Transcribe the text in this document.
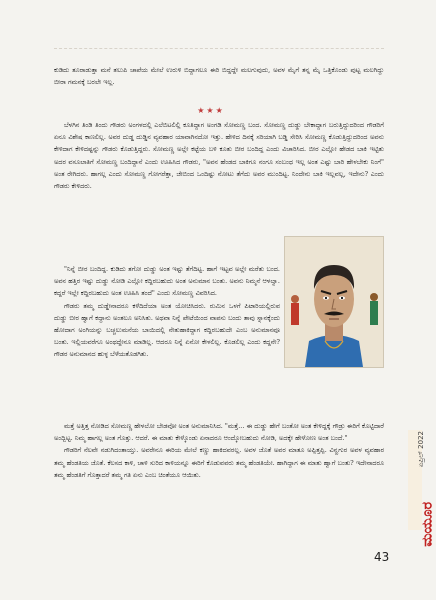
ಕುಡಿದು ತೂರಾಡುತ್ತಾ ಮನೆ ತಲುಪಿ ಚಾಪೆಯ ಮೇಲೆ ಉರುಳಿ ಬಿದ್ದಾಗಲೂ ಈರಿ ಬಿದ್ದದ್ದೇ ಮಲಗುವುದು, ಅವಳ ಮೈಗೆ ತನ್ನ ಮೈ ಒತ್ತಿಕೊಂಡು ಪುಟ್ಟ ಮಲಗಿದ್ದು ಬೀರಾ ಗಮನಕ್ಕೆ ಬರಲೇ ಇಲ್ಲ.

★★★

ಬೆಳಗಿನ ತಿಂಡಿ ತಿಂದು ಗೌಡರು ಅಂಗಳದಲ್ಲಿ ಎಲೆಬಿಟಲಿಲ್ಲಿ ಕೂತಿದ್ದಾಗ ಅಂಗಡಿ ಸೋಮಣ್ಣ ಬಂದ. ಸೋಮಣ್ಣ ದುಡ್ಡು ಬೇಕಾದ್ದಾಗ ಬರುತ್ತಿದ್ದುದರಿಂದ ಗೌಡರಿಗೆ ಏನೂ ವಿಶೇಷ ಕಾಣಲಿಲ್ಲ. ಅವರ ದುಡ್ಡ ದುಡ್ಡಿನ ವ್ಯವಹಾರ ಯಾವಾಗಿನದೋ ಇತ್ತು. ಹೇಳಿದ ದಿನಕ್ಕೆ ಸರಿಯಾಗಿ ಬಡ್ಡಿ ಸೇರಿಸಿ ಸೋಮಣ್ಣ ಕೊಡುತ್ತಿದ್ದುದರಿಂದ ಅವನು ಕೇಳಿದಾಗ ಕೇಳಿದಷ್ಟನ್ನು ಗೌಡರು ಕೊಡುತ್ತಿದ್ದರು. ಸೋಮಣ್ಣ ಅಲ್ಲೇ ಕಟ್ಟೆಯ ಬಳಿ ಕೂತು ಬೀರ ಬಂದಿದ್ದ ಎಂದು ವಿಚಾರಿಸಿದ. ಬೀರ ಎಲ್ಲೋ ಹೇಡದ ಬಾಕಿ ಇಟ್ಟಿತು ಅದರ ವಸೂಲಾತಿಗೆ ಸೋಮಣ್ಣ ಬಂದಿದ್ದಾನೆ ಎಂದು ಊಹಿಸಿದ ಗೌಡರು, "ಅವನ ಹೆಂಡದ ಬಾಕಿಗೂ ನಂಗೂ ಸಂಬಂಧ ಇಲ್ಲ ಅಂತ ಎಷ್ಟು ಬಾರಿ ಹೇಳಬೇಕು ನಿಂಗೆ" ಅಂತ ರೇಗಿದರು. ಹಾಗಲ್ಲ ಎಂದು ಸೋಮಣ್ಣ ಗೋಗರೆತ್ತಾ, ಜೇಬಿಂದ ಒಂದಿಷ್ಟು ನೋಟು ತೆಗೆದು ಅವರ ಮುಂದಿಟ್ಟ. ನಿಂದೇನು ಬಾಕಿ ಇಲ್ಲವಲ್ಲ, ಇದೇನು? ಎಂದು ಗೌಡರು ಕೇಳಿದರು.

"ನಿನ್ನೆ ಬೀರ ಬಂದಿದ್ದ. ಕುಡಿದು ತಗೋ ದುಡ್ಡು ಅಂತ ಇಷ್ಟು ತೆಗೆದಿಟ್ಟ. ಹಾಗೆ ಇಟ್ಟವ ಅಲ್ಲೇ ಮರೆತು ಬಂದ. ಅವನ ಹತ್ತಿರ ಇಷ್ಟು ದುಡ್ಡು ನೋಡಿ ಎಲ್ಲೋ ಕದ್ದಿರಬಹುದು ಅಂತ ಅನುಮಾನ ಬಂತು. ಅವನು ನಿಮ್ಮನೆ ಆಳಲ್ವಾ. ಕದ್ದರೆ ಇಲ್ಲೇ ಕದ್ದಿರಬಹುದು ಅಂತ ಊಹಿಸಿ ತಂದೆ" ಎಂದು ಸೋಮಣ್ಣ ವಿವರಿಸಿದ.

ಗೌಡರು ತಮ್ಮ ದುಡ್ಡೇನಾದರೂ ಕಳೆದಿದೆಯಾ ಅಂತ ಯೋಚಿಸಿದರು. ರುಮಿನ ಒಳಗೆ ಪಿಟಾರಿಯಲ್ಲಿರುವ ದುಡ್ಡು ಬೀರ ಹ್ವಾಗೆ ಕದ್ದಾನು ಅಂತಲೂ ಅನಿಸಿತು. ಅಥವಾ ನಿನ್ನೆ ಪೇಟೆಯಿಂದ ವಾಪಸು ಬಂದು ತಾವು ಸ್ನಾನಕ್ಕೆಂದು ಹೋದಾಗ ಅಂಗಿಯನ್ನು ಬಚ್ಚಲುಮನೆಯ ಬಾಯಿದಲ್ಲಿ ನೇತುಹಾಕಿದ್ದಾಗ ಕದ್ದಿರಬಹುದೇ ಎಂಬ ಅನುಮಾನವೂ ಬಂತು. ಇಲ್ಲಿಯವರೆಗೂ ಅಂಥದ್ದೇನೂ ಮಾಡಿಲ್ಲ. ಆದರೂ ನಿನ್ನೆ ಏನೋ ಕೇಳಲಿಲ್ಲ. ಕೊಡಲಿಲ್ಲ ಎಂದು ಕದ್ದನೇ? ಗೌಡರ ಅನುಮಾನದ ಹುಳ್ಳ ಬೆಳೆಯತೊಡಗಿತು.

ಮತ್ತೆ ಅತ್ತಿತ್ತ ನೋಡಿದ ಸೋಮಣ್ಣ ಹೇಳಲೋ ಬೇಡವೋ ಅಂತ ಅನುಮಾನಿಸಿದ. "ಮತ್ತೆ... ಈ ದುಡ್ಡು ಹೇಗೆ ಬಂತೋ ಅಂತ ಕೇಳಿದ್ದಕ್ಕೆ ಗೌಡ್ರು ಈರಿಗೆ ಕೊಟ್ಟಿದಾರೆ ಅಂದ್ಬಿಟ್ಟ. ನಿಮ್ಮ ಹಾಗಲ್ಲ ಅಂತ ಗೊತ್ತು. ಆದರೆ. ಈ ಮಾತು ಕೇಳ್ಕೊಂಡು ಏನಾದರೂ ಆಂದ್ಕೋಬಹುದು ನೋಡಿ, ಅದಕ್ಕೇ ಹೇಳೋಣ ಅಂತ ಬಂದೆ."

ಗೌಡರಿಗೆ ನೆಲವೇ ನಡುಗಿದಂತಾಯ್ತು. ಅವರೇನೂ ಈರಿಯ ಮೇಲೆ ಕಣ್ಣು ಹಾಕಿದವರಲ್ಲ. ಅವಳ ಜೊತೆ ಅವರ ಮಾತೂ ಅಪ್ಪಿತ್ತಪ್ಪಿ. ವಿನ್ಹಗುರ ಅವಳ ವ್ಯವಹಾರ ತಮ್ಮ ಹೆಂಡತಿಯ ಜೊತೆ. ಕೆಲಸದ ಕಾಳಿ, ಚಾಳಿ ಸುರಿದ ಕಾಳಿಯನ್ನೂ ಈರಿಗೆ ಕೊಡುವವರು ತಮ್ಮ ಹೆಂಡತಿಯೇ. ಹಾಗಿದ್ದಾಗ ಈ ಮಾತು ಹ್ವಾಗೆ ಬಂತು? ಇದೇನಾದರೂ ತಮ್ಮ ಹೆಂಡತಿಗೆ ಗೊತ್ತಾದರೆ ತಮ್ಮ ಗತಿ ಏನು ಎಂಬ ಚಿಂತೆಯೂ ಆಯಿತು.

ಏಪ್ರಿಲ್ 2022
ಮಯೂರ
43
